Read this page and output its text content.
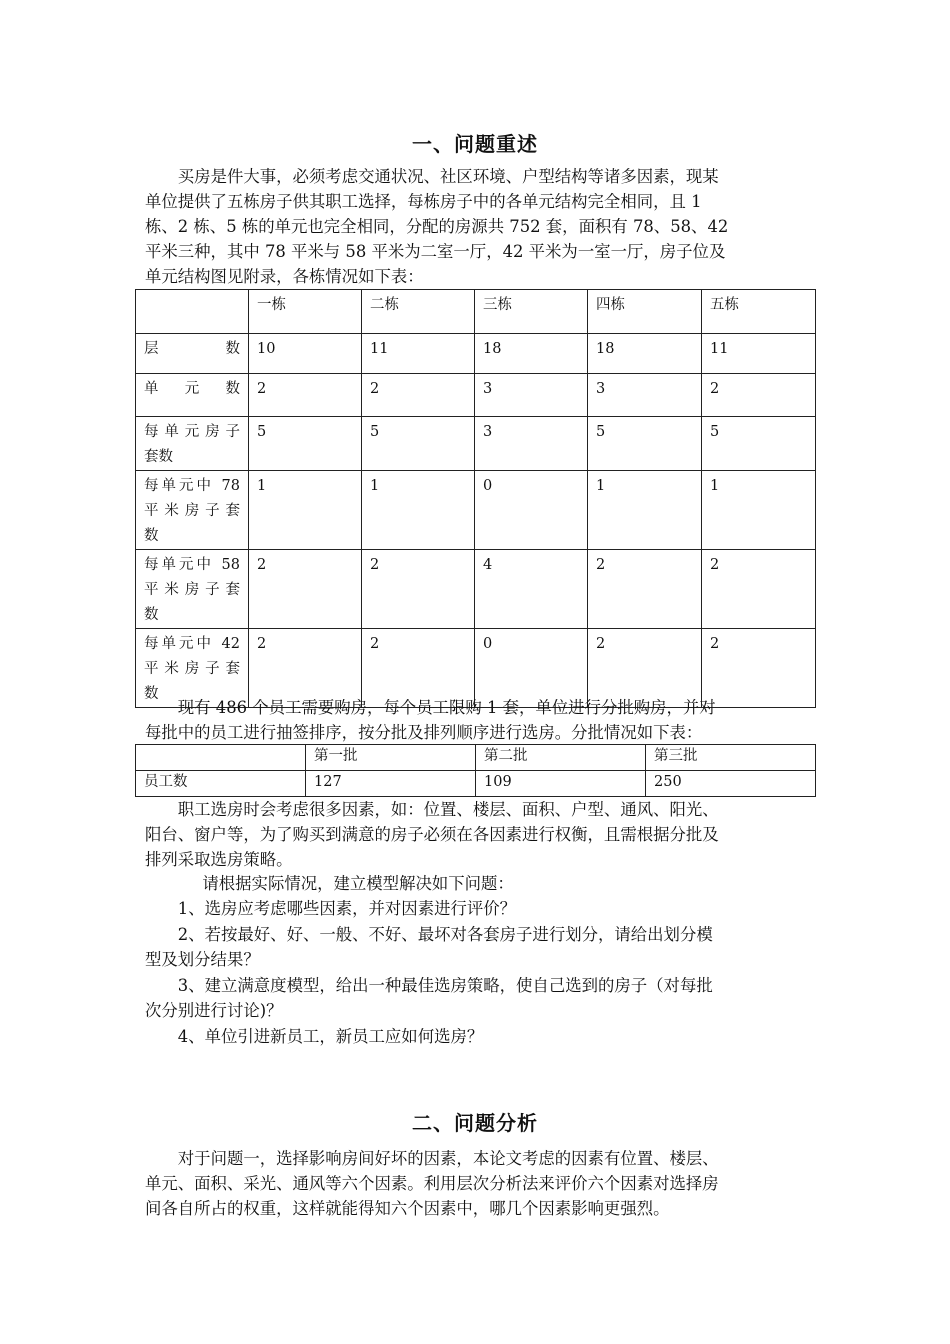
一、问题重述
买房是件大事，必须考虑交通状况、社区环境、户型结构等诸多因素，现某
单位提供了五栋房子供其职工选择，每栋房子中的各单元结构完全相同，且 1
栋、2 栋、5 栋的单元也完全相同，分配的房源共 752 套，面积有 78、58、42
平米三种，其中 78 平米与 58 平米为二室一厅，42 平米为一室一厅，房子位及
单元结构图见附录，各栋情况如下表：
	一栋	二栋	三栋	四栋	五栋

层数	10	11	18	18	11

单元数	2	2	3	3	2

每单元房子
套数	5	5	3	5	5

每单元中 78
平米房子套
数	1	1	0	1	1

每单元中 58
平米房子套
数	2	2	4	2	2

每单元中 42
平米房子套
数	2	2	0	2	2
现有 486 个员工需要购房，每个员工限购 1 套，单位进行分批购房，并对
每批中的员工进行抽签排序，按分批及排列顺序进行选房。分批情况如下表：
	第一批	第二批	第三批
员工数	127	109	250
职工选房时会考虑很多因素，如：位置、楼层、面积、户型、通风、阳光、
阳台、窗户等，为了购买到满意的房子必须在各因素进行权衡，且需根据分批及
排列采取选房策略。
请根据实际情况，建立模型解决如下问题：
1、选房应考虑哪些因素，并对因素进行评价？
2、若按最好、好、一般、不好、最坏对各套房子进行划分，请给出划分模
型及划分结果？
3、建立满意度模型，给出一种最佳选房策略，使自己选到的房子（对每批
次分别进行讨论)？
4、单位引进新员工，新员工应如何选房？
二、问题分析
对于问题一，选择影响房间好坏的因素，本论文考虑的因素有位置、楼层、
单元、面积、采光、通风等六个因素。利用层次分析法来评价六个因素对选择房
间各自所占的权重，这样就能得知六个因素中，哪几个因素影响更强烈。
